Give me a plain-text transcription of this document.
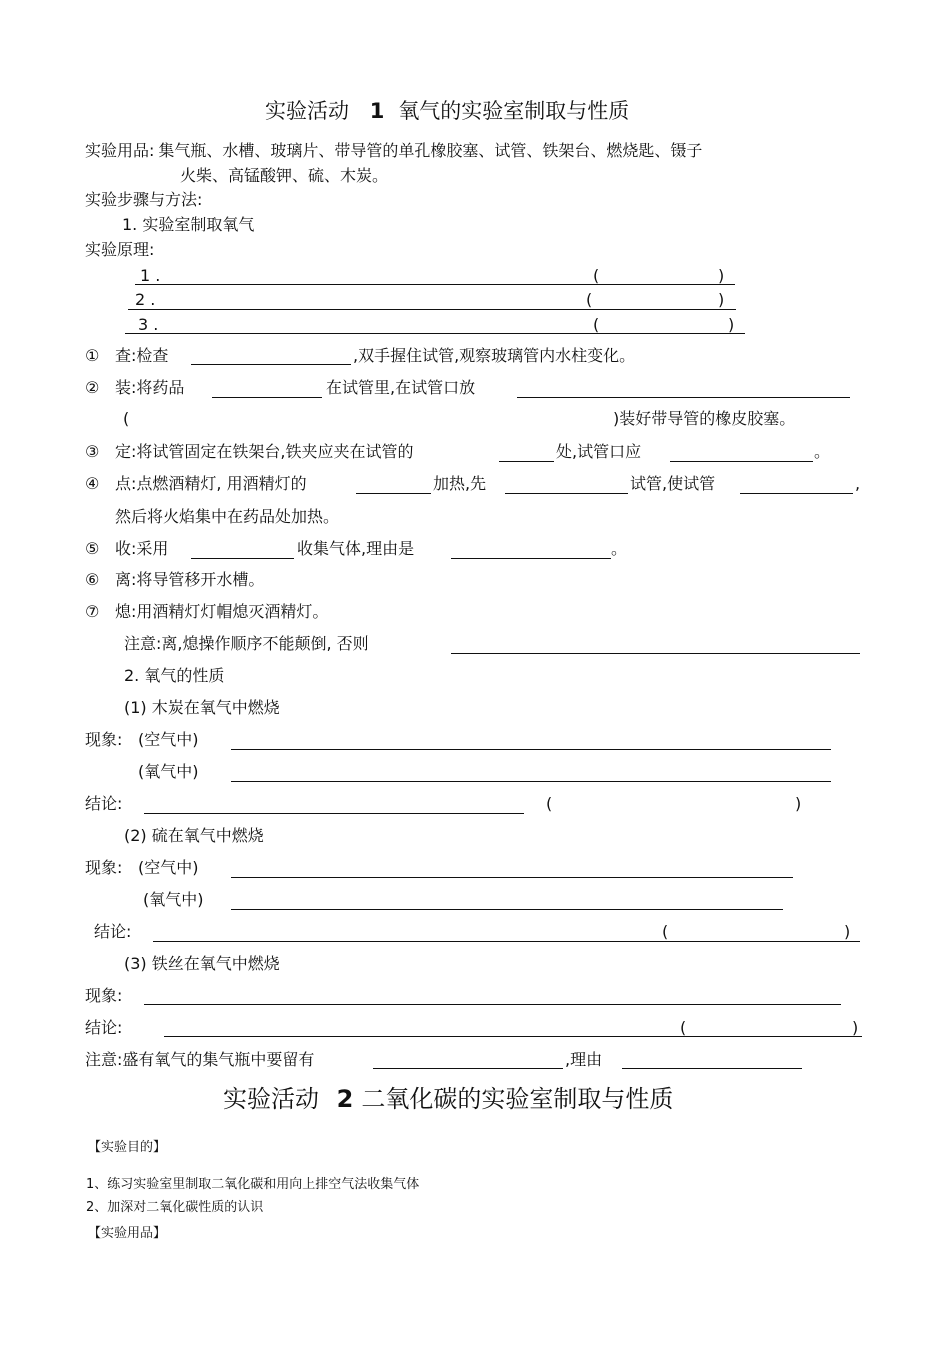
实验活动 1 氧气的实验室制取与性质
实验用品: 集气瓶、水槽、玻璃片、带导管的单孔橡胶塞、试管、铁架台、燃烧匙、镊子
火柴、高锰酸钾、硫、木炭。
实验步骤与方法:
1. 实验室制取氧气
实验原理:
1 .	(	)
2 .	(	)
3 .	(	)
① 查:检查	,双手握住试管,观察玻璃管内水柱变化。
② 装:将药品	在试管里,在试管口放
(	)装好带导管的橡皮胶塞。
③ 定:将试管固定在铁架台,铁夹应夹在试管的	处,试管口应	。
④ 点:点燃酒精灯, 用酒精灯的	加热,先	试管,使试管	,
然后将火焰集中在药品处加热。
⑤ 收:采用	收集气体,理由是	。
⑥ 离:将导管移开水槽。
⑦ 熄:用酒精灯灯帽熄灭酒精灯。
注意:离,熄操作顺序不能颠倒, 否则
2. 氧气的性质
(1) 木炭在氧气中燃烧
现象: (空气中)
(氧气中)
结论:	(	)
(2) 硫在氧气中燃烧
现象: (空气中)
(氧气中)
结论:	(	)
(3) 铁丝在氧气中燃烧
现象:
结论:	(	)
注意:盛有氧气的集气瓶中要留有	,理由
实验活动 2 二氧化碳的实验室制取与性质
【实验目的】
1、练习实验室里制取二氧化碳和用向上排空气法收集气体
2、加深对二氧化碳性质的认识
【实验用品】
